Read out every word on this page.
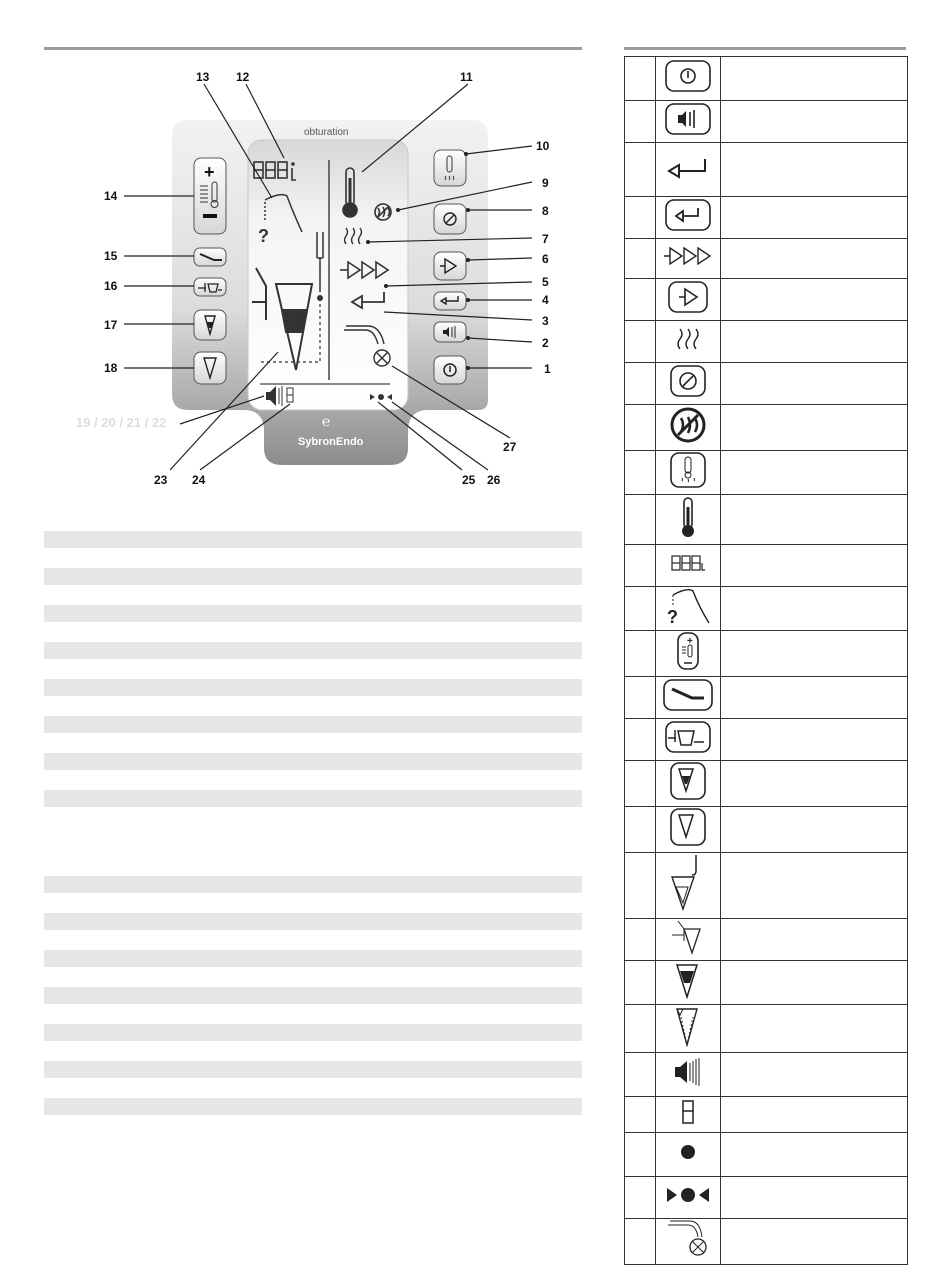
?
℮
+
obturation
SybronEndo
1
2
3
4
5
6
7
8
9
10
11
12
13
14
15
16
17
18
19 / 20 / 21 / 22
23 24	25 26
27

?	

+	
